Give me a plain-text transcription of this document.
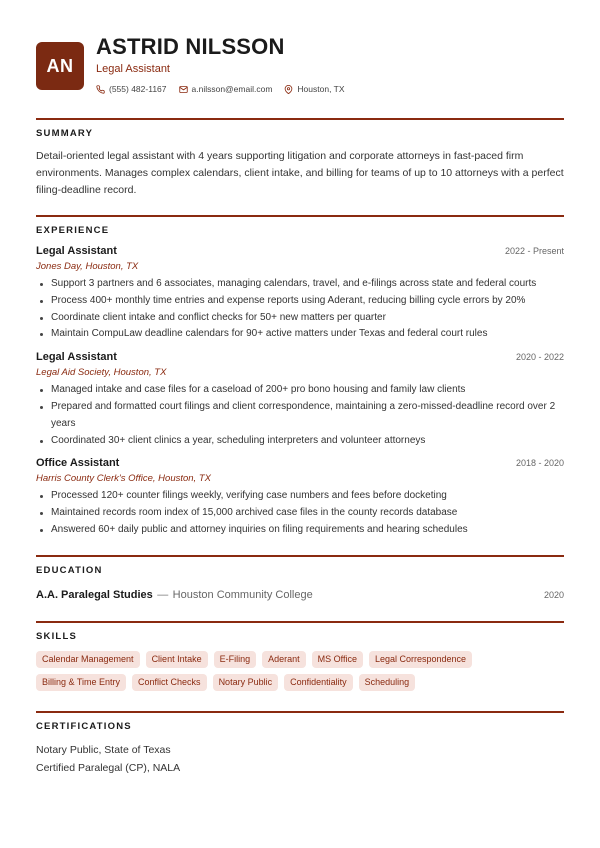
AN
ASTRID NILSSON
Legal Assistant
(555) 482-1167	a.nilsson@email.com	Houston, TX
SUMMARY

Detail-oriented legal assistant with 4 years supporting litigation and corporate attorneys in fast-paced firm environments. Manages complex calendars, client intake, and billing for teams of up to 10 attorneys with a perfect filing-deadline record.

EXPERIENCE
Legal Assistant	2022 - Present
Jones Day, Houston, TX
Support 3 partners and 6 associates, managing calendars, travel, and e-filings across state and federal courts
Process 400+ monthly time entries and expense reports using Aderant, reducing billing cycle errors by 20%
Coordinate client intake and conflict checks for 50+ new matters per quarter
Maintain CompuLaw deadline calendars for 90+ active matters under Texas and federal court rules
Legal Assistant	2020 - 2022
Legal Aid Society, Houston, TX
Managed intake and case files for a caseload of 200+ pro bono housing and family law clients
Prepared and formatted court filings and client correspondence, maintaining a zero-missed-deadline record over 2 years
Coordinated 30+ client clinics a year, scheduling interpreters and volunteer attorneys
Office Assistant	2018 - 2020
Harris County Clerk's Office, Houston, TX
Processed 120+ counter filings weekly, verifying case numbers and fees before docketing
Maintained records room index of 15,000 archived case files in the county records database
Answered 60+ daily public and attorney inquiries on filing requirements and hearing schedules
EDUCATION
A.A. Paralegal Studies — Houston Community College	2020
SKILLS
Calendar Management	Client Intake	E-Filing	Aderant	MS Office	Legal Correspondence
Billing & Time Entry	Conflict Checks	Notary Public	Confidentiality	Scheduling
CERTIFICATIONS
Notary Public, State of Texas
Certified Paralegal (CP), NALA
